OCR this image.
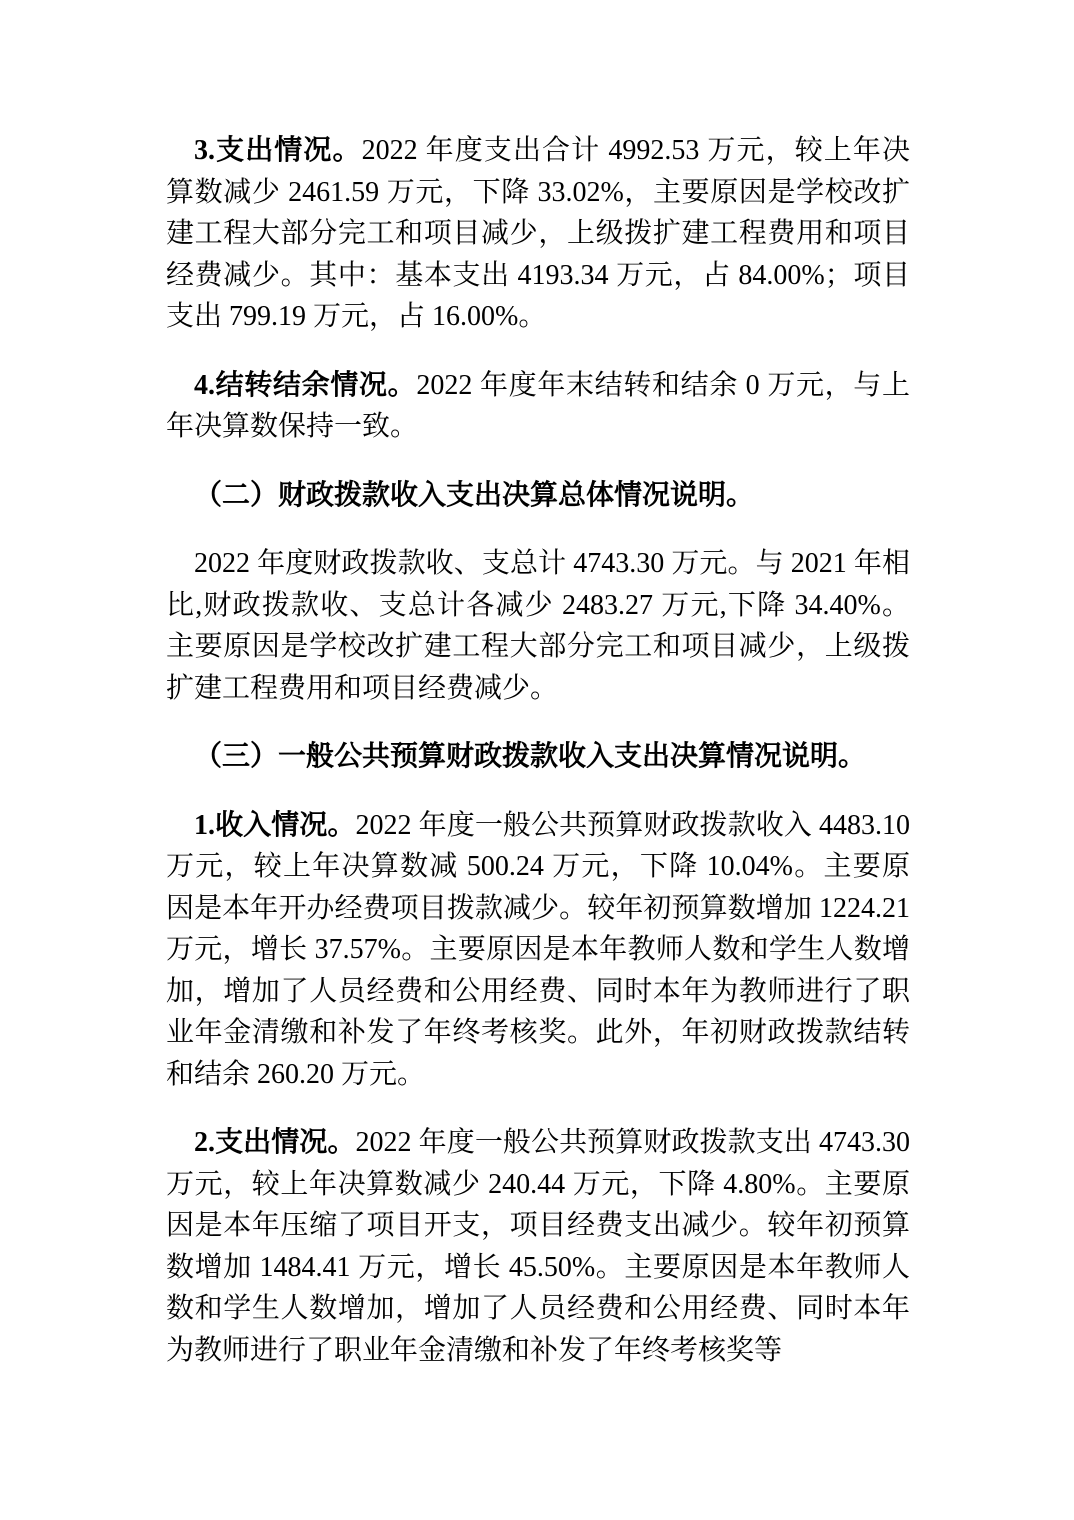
3.支出情况。2022 年度支出合计 4992.53 万元，较上年决算数减少 2461.59 万元，下降 33.02%，主要原因是学校改扩建工程大部分完工和项目减少，上级拨扩建工程费用和项目经费减少。其中：基本支出 4193.34 万元，占 84.00%；项目支出 799.19 万元，占 16.00%。

4.结转结余情况。2022 年度年末结转和结余 0 万元，与上年决算数保持一致。

（二）财政拨款收入支出决算总体情况说明。

2022 年度财政拨款收、支总计 4743.30 万元。与 2021 年相比,财政拨款收、支总计各减少 2483.27 万元,下降 34.40%。主要原因是学校改扩建工程大部分完工和项目减少，上级拨扩建工程费用和项目经费减少。

（三）一般公共预算财政拨款收入支出决算情况说明。

1.收入情况。2022 年度一般公共预算财政拨款收入 4483.10 万元，较上年决算数减 500.24 万元，下降 10.04%。主要原因是本年开办经费项目拨款减少。较年初预算数增加 1224.21 万元，增长 37.57%。主要原因是本年教师人数和学生人数增加，增加了人员经费和公用经费、同时本年为教师进行了职业年金清缴和补发了年终考核奖。此外，年初财政拨款结转和结余 260.20 万元。

2.支出情况。2022 年度一般公共预算财政拨款支出 4743.30 万元，较上年决算数减少 240.44 万元，下降 4.80%。主要原因是本年压缩了项目开支，项目经费支出减少。较年初预算数增加 1484.41 万元，增长 45.50%。主要原因是本年教师人数和学生人数增加，增加了人员经费和公用经费、同时本年为教师进行了职业年金清缴和补发了年终考核奖等
